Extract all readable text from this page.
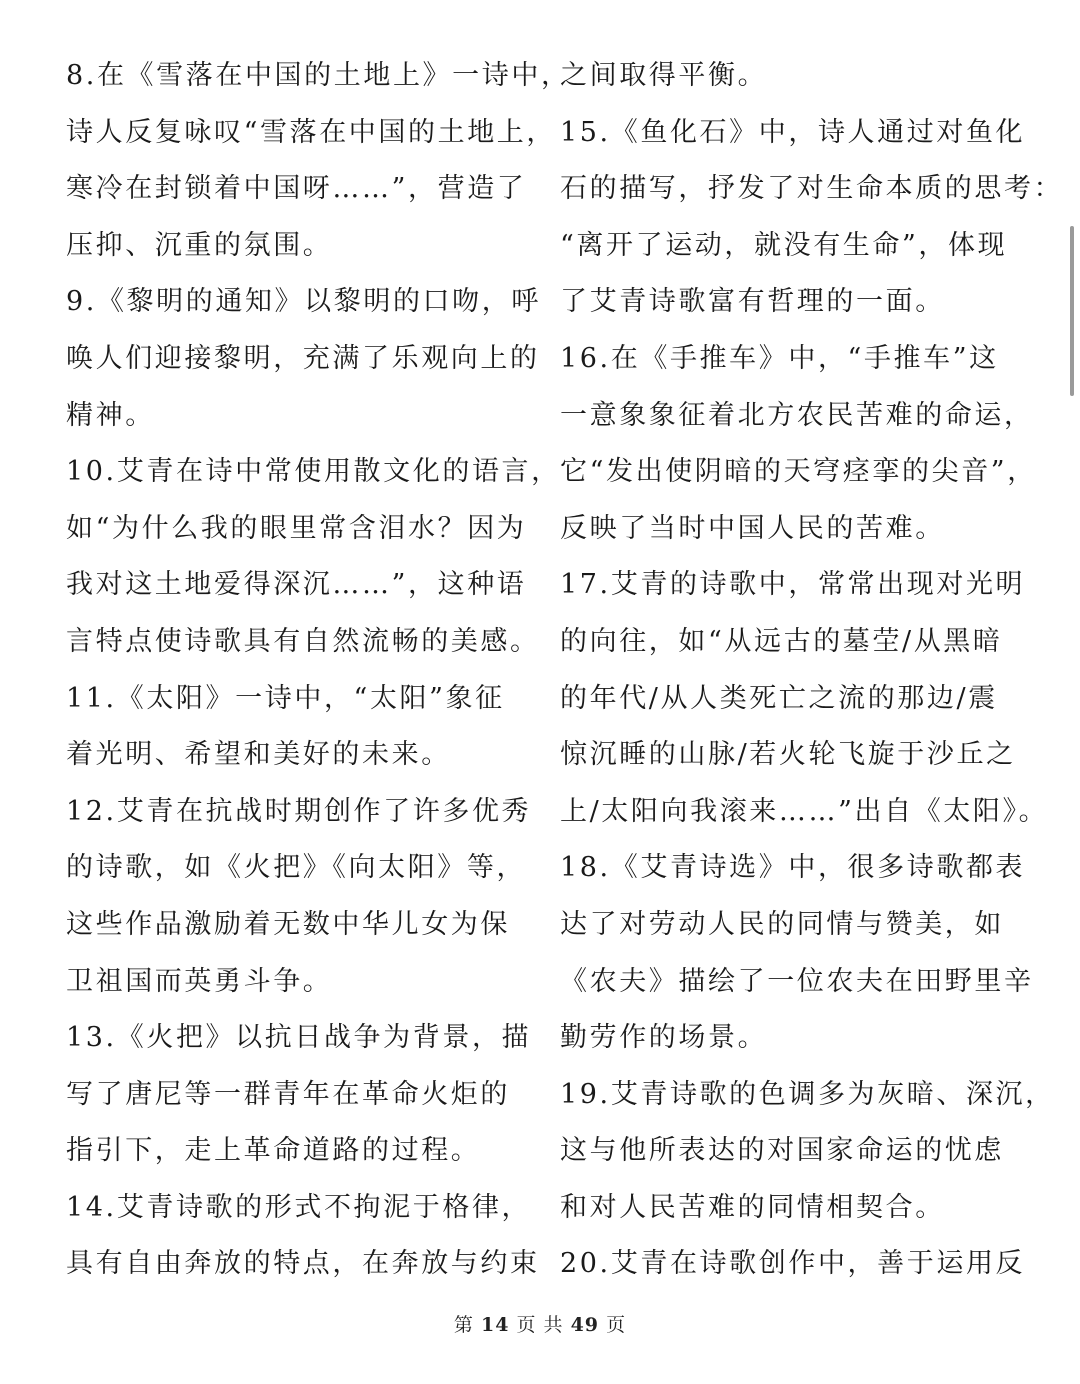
8.在《雪落在中国的土地上》一诗中，
诗人反复咏叹“雪落在中国的土地上，
寒冷在封锁着中国呀……”，营造了
压抑、沉重的氛围。
9.《黎明的通知》以黎明的口吻，呼
唤人们迎接黎明，充满了乐观向上的
精神。
10.艾青在诗中常使用散文化的语言，
如“为什么我的眼里常含泪水？因为
我对这土地爱得深沉……”，这种语
言特点使诗歌具有自然流畅的美感。
11.《太阳》一诗中，“太阳”象征
着光明、希望和美好的未来。
12.艾青在抗战时期创作了许多优秀
的诗歌，如《火把》《向太阳》等，
这些作品激励着无数中华儿女为保
卫祖国而英勇斗争。
13.《火把》以抗日战争为背景，描
写了唐尼等一群青年在革命火炬的
指引下，走上革命道路的过程。
14.艾青诗歌的形式不拘泥于格律，
具有自由奔放的特点，在奔放与约束
之间取得平衡。
15.《鱼化石》中，诗人通过对鱼化
石的描写，抒发了对生命本质的思考：
“离开了运动，就没有生命”，体现
了艾青诗歌富有哲理的一面。
16.在《手推车》中，“手推车”这
一意象象征着北方农民苦难的命运，
它“发出使阴暗的天穹痉挛的尖音”，
反映了当时中国人民的苦难。
17.艾青的诗歌中，常常出现对光明
的向往，如“从远古的墓茔/从黑暗
的年代/从人类死亡之流的那边/震
惊沉睡的山脉/若火轮飞旋于沙丘之
上/太阳向我滚来……”出自《太阳》。
18.《艾青诗选》中，很多诗歌都表
达了对劳动人民的同情与赞美，如
《农夫》描绘了一位农夫在田野里辛
勤劳作的场景。
19.艾青诗歌的色调多为灰暗、深沉，
这与他所表达的对国家命运的忧虑
和对人民苦难的同情相契合。
20.艾青在诗歌创作中，善于运用反
第 14 页 共 49 页
